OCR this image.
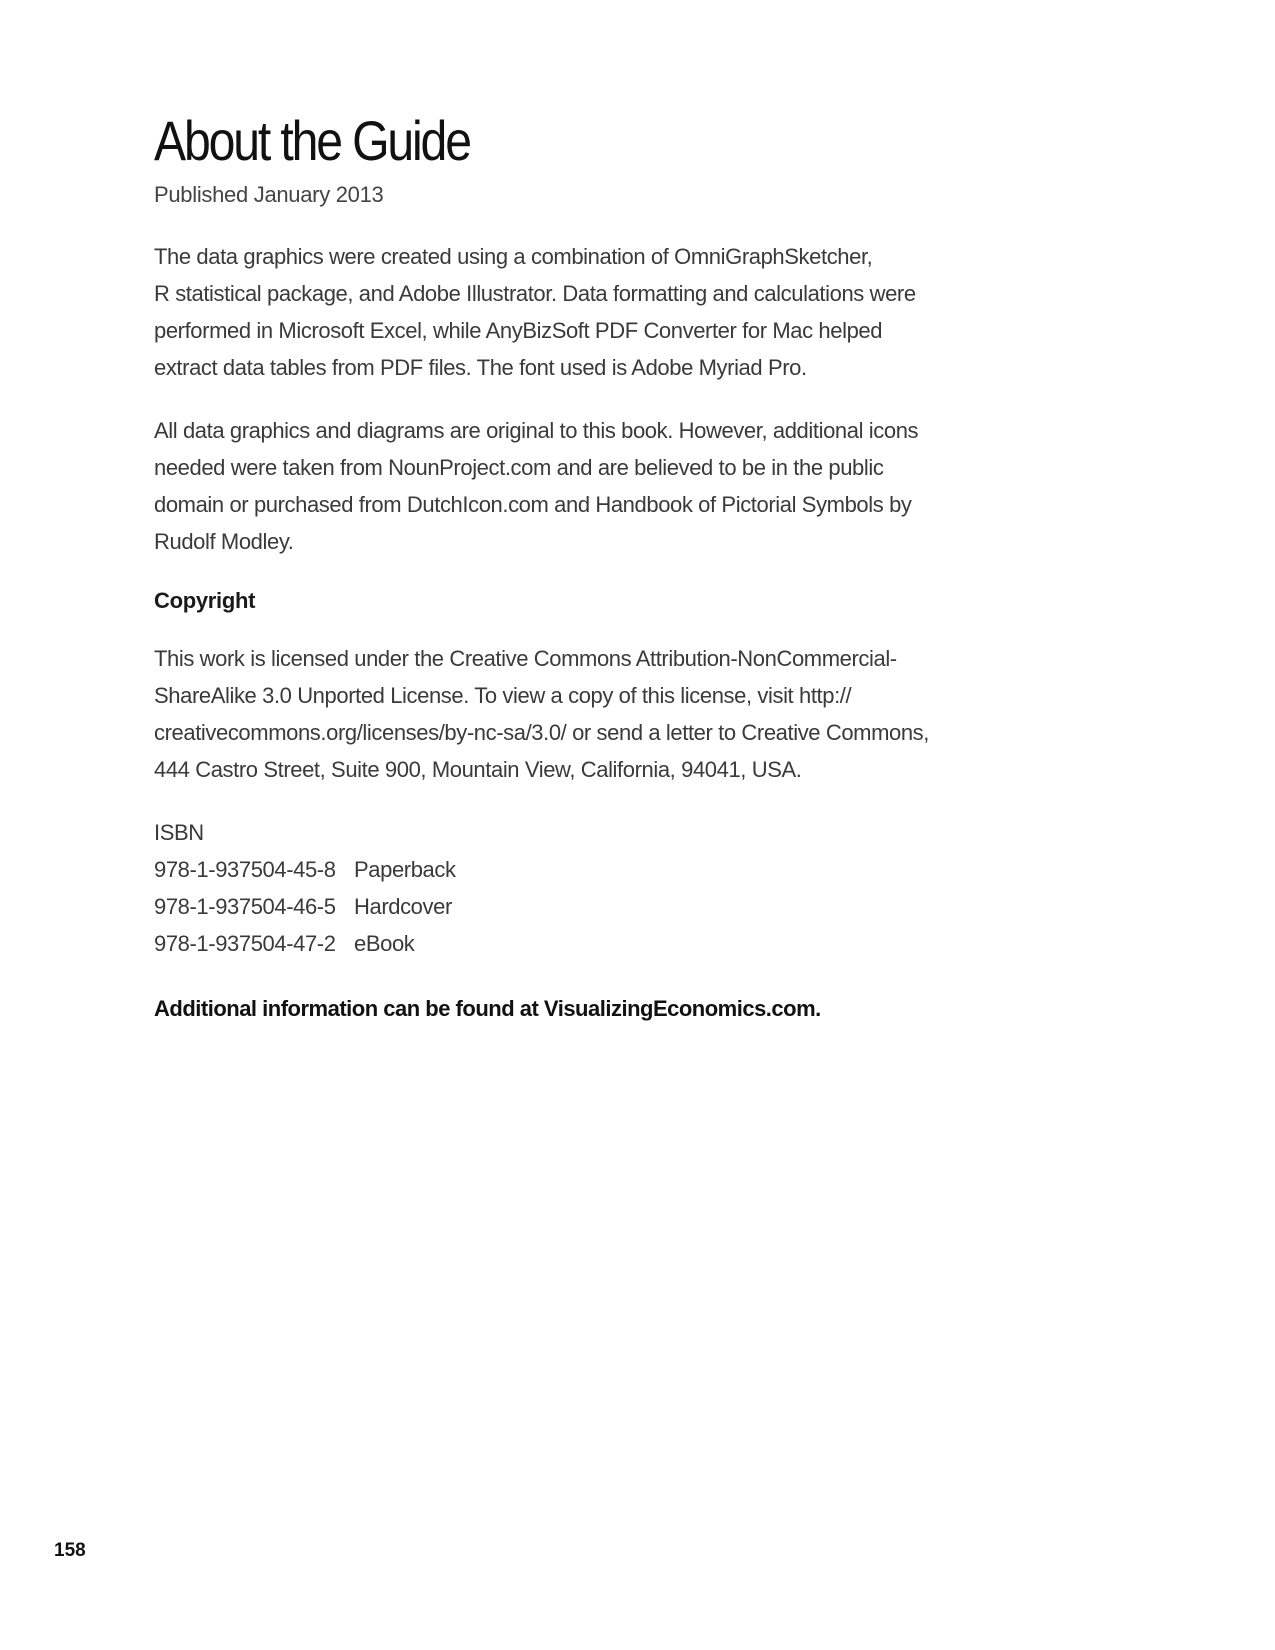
About the Guide
Published January 2013

The data graphics were created using a combination of OmniGraphSketcher,
R statistical package, and Adobe Illustrator. Data formatting and calculations were
performed in Microsoft Excel, while AnyBizSoft PDF Converter for Mac helped
extract data tables from PDF files. The font used is Adobe Myriad Pro.

All data graphics and diagrams are original to this book. However, additional icons
needed were taken from NounProject.com and are believed to be in the public
domain or purchased from DutchIcon.com and Handbook of Pictorial Symbols by
Rudolf Modley.

Copyright

This work is licensed under the Creative Commons Attribution-NonCommercial-
ShareAlike 3.0 Unported License. To view a copy of this license, visit http://
creativecommons.org/licenses/by-nc-sa/3.0/ or send a letter to Creative Commons,
444 Castro Street, Suite 900, Mountain View, California, 94041, USA.

ISBN
978-1-937504-45-8 Paperback
978-1-937504-46-5 Hardcover
978-1-937504-47-2 eBook
Additional information can be found at VisualizingEconomics.com.
158
